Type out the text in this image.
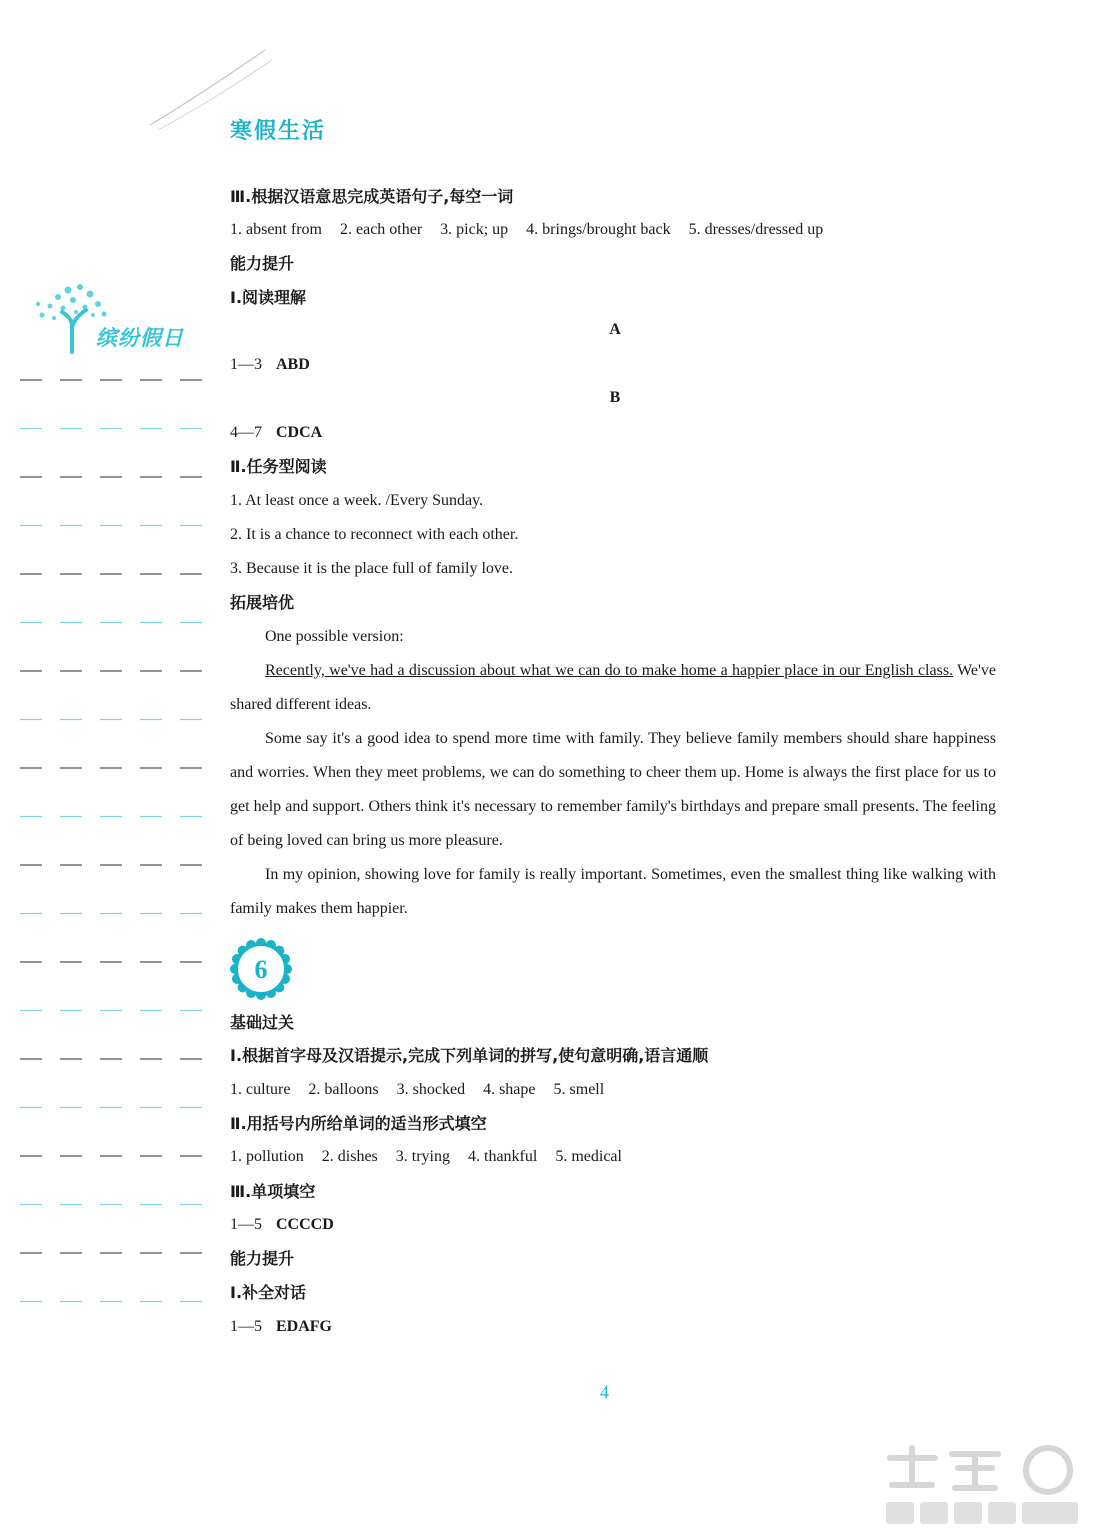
寒假生活
缤纷假日
Ⅲ.根据汉语意思完成英语句子,每空一词
1. absent from 2. each other 3. pick; up 4. brings/brought back 5. dresses/dressed up
能力提升
Ⅰ.阅读理解
A
1—3 ABD
B
4—7 CDCA
Ⅱ.任务型阅读
1. At least once a week. /Every Sunday.
2. It is a chance to reconnect with each other.
3. Because it is the place full of family love.
拓展培优
One possible version:
Recently, we've had a discussion about what we can do to make home a happier place in our English class. We've shared different ideas.
Some say it's a good idea to spend more time with family. They believe family members should share happiness and worries. When they meet problems, we can do something to cheer them up. Home is always the first place for us to get help and support. Others think it's necessary to remember family's birthdays and prepare small presents. The feeling of being loved can bring us more pleasure.
In my opinion, showing love for family is really important. Sometimes, even the smallest thing like walking with family makes them happier.
基础过关
Ⅰ.根据首字母及汉语提示,完成下列单词的拼写,使句意明确,语言通顺
1. culture 2. balloons 3. shocked 4. shape 5. smell
Ⅱ.用括号内所给单词的适当形式填空
1. pollution 2. dishes 3. trying 4. thankful 5. medical
Ⅲ.单项填空
1—5 CCCCD
能力提升
Ⅰ.补全对话
1—5 EDAFG
6
4
